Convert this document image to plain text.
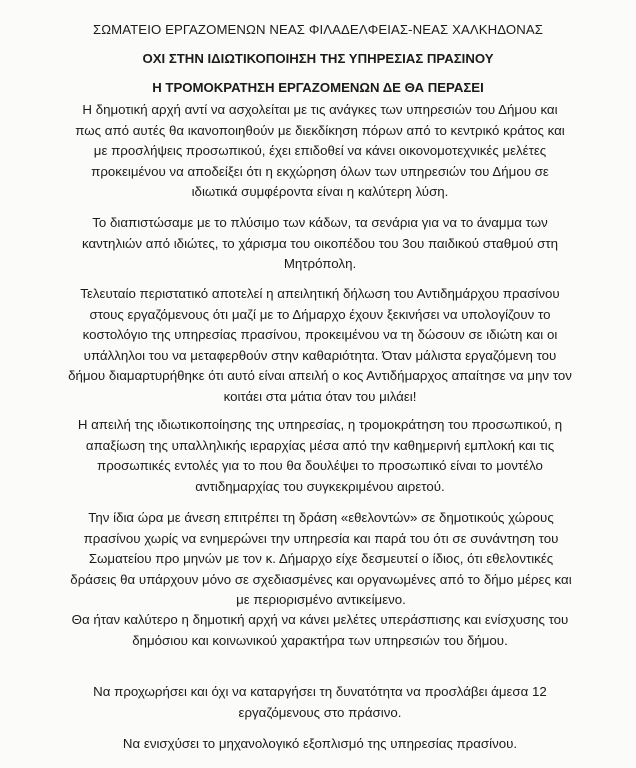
ΣΩΜΑΤΕΙΟ ΕΡΓΑΖΟΜΕΝΩΝ ΝΕΑΣ ΦΙΛΑΔΕΛΦΕΙΑΣ-ΝΕΑΣ ΧΑΛΚΗΔΟΝΑΣ

ΟΧΙ ΣΤΗΝ ΙΔΙΩΤΙΚΟΠΟΙΗΣΗ ΤΗΣ ΥΠΗΡΕΣΙΑΣ ΠΡΑΣΙΝΟΥ

Η ΤΡΟΜΟΚΡΑΤΗΣΗ ΕΡΓΑΖΟΜΕΝΩΝ ΔΕ ΘΑ ΠΕΡΑΣΕΙ

Η δημοτική αρχή αντί να ασχολείται με τις ανάγκες των υπηρεσιών του Δήμου και πως από αυτές θα ικανοποιηθούν με διεκδίκηση πόρων από το κεντρικό κράτος και με προσλήψεις προσωπικού, έχει επιδοθεί να κάνει οικονομοτεχνικές μελέτες προκειμένου να αποδείξει ότι η εκχώρηση όλων των υπηρεσιών του Δήμου σε ιδιωτικά συμφέροντα είναι η καλύτερη λύση.

Το διαπιστώσαμε με το πλύσιμο των κάδων, τα σενάρια για να το άναμμα των καντηλιών από ιδιώτες, το χάρισμα του οικοπέδου του 3ου παιδικού σταθμού στη Μητρόπολη.

Τελευταίο περιστατικό αποτελεί η απειλητική δήλωση του Αντιδημάρχου πρασίνου στους εργαζόμενους ότι μαζί με το Δήμαρχο έχουν ξεκινήσει να υπολογίζουν το κοστολόγιο της υπηρεσίας πρασίνου, προκειμένου να τη δώσουν σε ιδιώτη και οι υπάλληλοι του να μεταφερθούν στην καθαριότητα. Όταν μάλιστα εργαζόμενη του δήμου διαμαρτυρήθηκε ότι αυτό είναι απειλή ο κος Αντιδήμαρχος απαίτησε να μην τον κοιτάει στα μάτια όταν του μιλάει!

Η απειλή της ιδιωτικοποίησης της υπηρεσίας, η τρομοκράτηση του προσωπικού, η απαξίωση της υπαλληλικής ιεραρχίας μέσα από την καθημερινή εμπλοκή και τις προσωπικές εντολές για το που θα δουλέψει το προσωπικό είναι το μοντέλο αντιδημαρχίας του συγκεκριμένου αιρετού.

Την ίδια ώρα με άνεση επιτρέπει τη δράση «εθελοντών» σε δημοτικούς χώρους πρασίνου χωρίς να ενημερώνει την υπηρεσία και παρά του ότι σε συνάντηση του Σωματείου προ μηνών με τον κ. Δήμαρχο είχε δεσμευτεί ο ίδιος, ότι εθελοντικές δράσεις θα υπάρχουν μόνο σε σχεδιασμένες και οργανωμένες από το δήμο μέρες και με περιορισμένο αντικείμενο.

Θα ήταν καλύτερο η δημοτική αρχή να κάνει μελέτες υπεράσπισης και ενίσχυσης του δημόσιου και κοινωνικού χαρακτήρα των υπηρεσιών του δήμου.

Να προχωρήσει και όχι να καταργήσει τη δυνατότητα να προσλάβει άμεσα 12 εργαζόμενους στο πράσινο.

Να ενισχύσει το μηχανολογικό εξοπλισμό της υπηρεσίας πρασίνου.
